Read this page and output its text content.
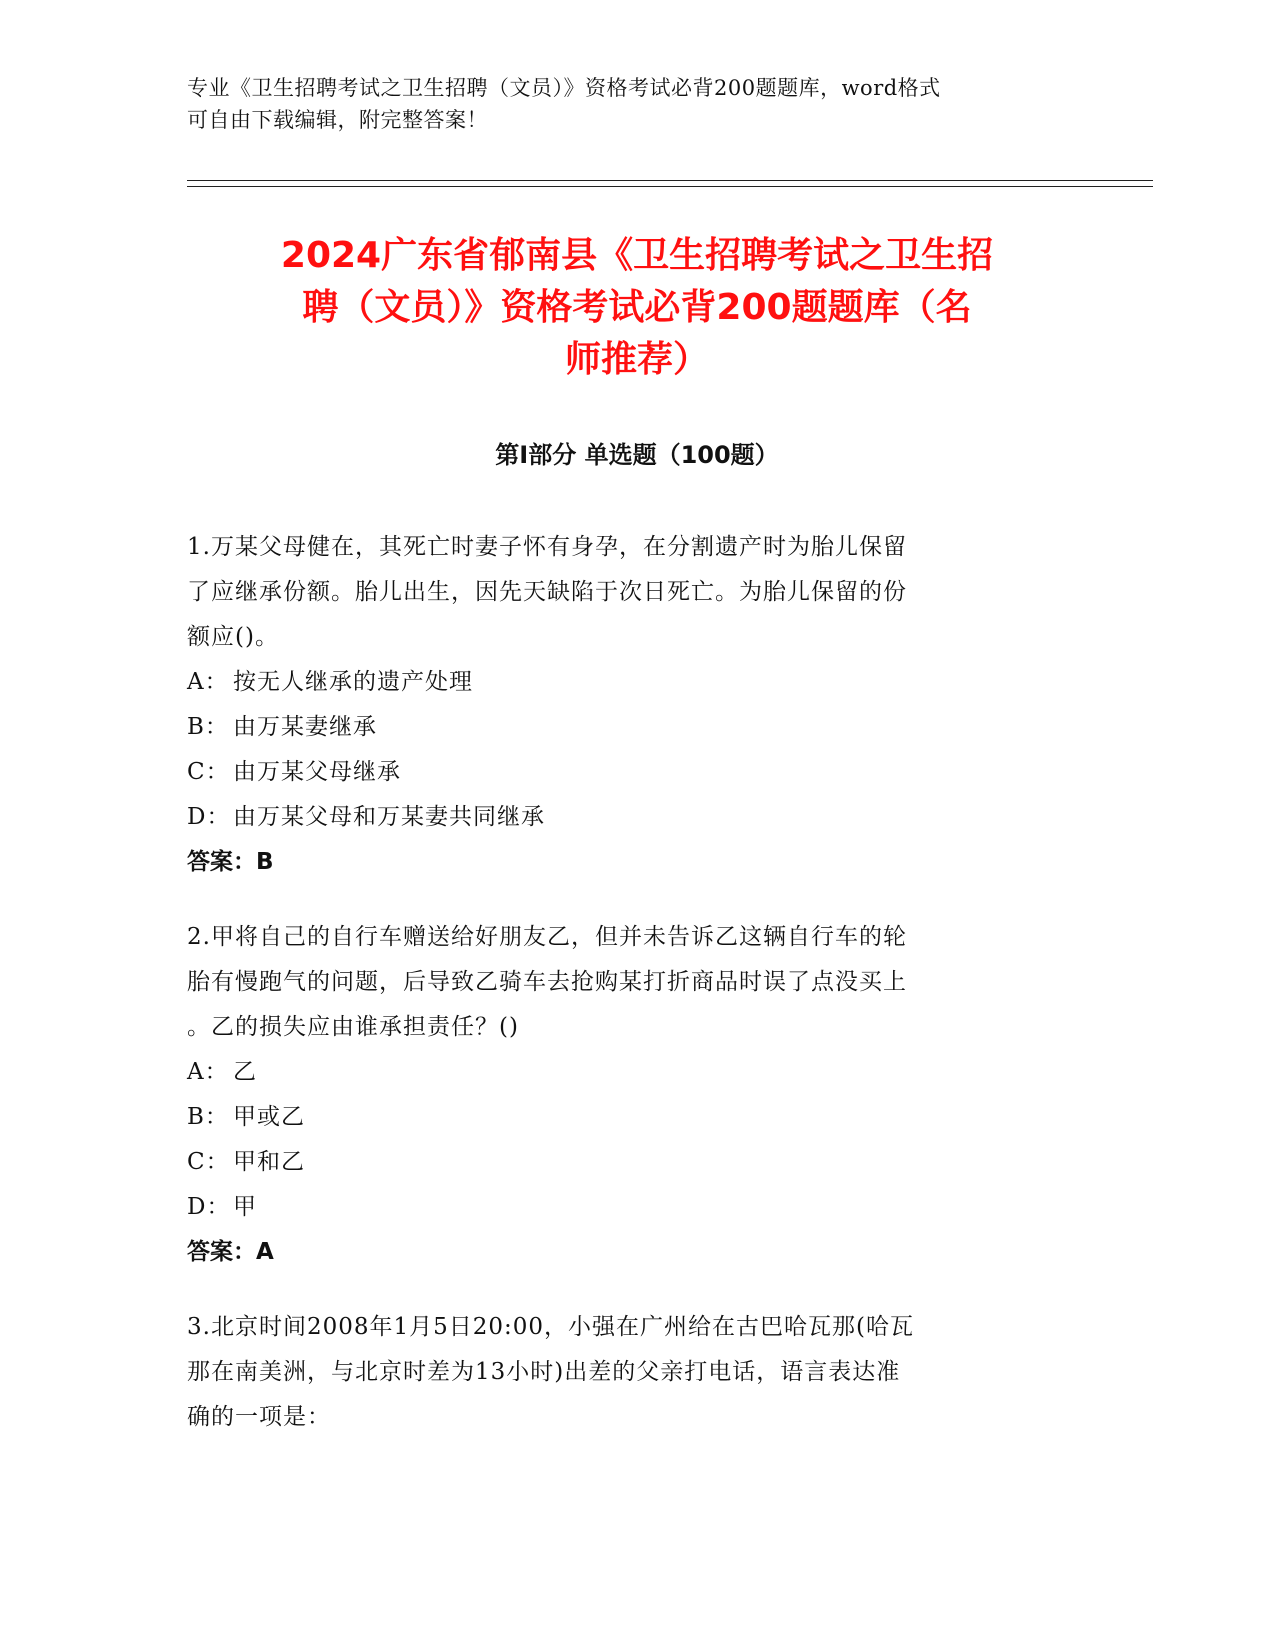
专业《卫生招聘考试之卫生招聘（文员）》资格考试必背200题题库，word格式
可自由下载编辑，附完整答案！
2024广东省郁南县《卫生招聘考试之卫生招
聘（文员）》资格考试必背200题题库（名
师推荐）
第Ⅰ部分 单选题（100题）
1.万某父母健在，其死亡时妻子怀有身孕，在分割遗产时为胎儿保留
了应继承份额。胎儿出生，因先天缺陷于次日死亡。为胎儿保留的份
额应()。
A： 按无人继承的遗产处理
B： 由万某妻继承
C： 由万某父母继承
D： 由万某父母和万某妻共同继承
答案：B
2.甲将自己的自行车赠送给好朋友乙，但并未告诉乙这辆自行车的轮
胎有慢跑气的问题，后导致乙骑车去抢购某打折商品时误了点没买上
。乙的损失应由谁承担责任？()
A： 乙
B： 甲或乙
C： 甲和乙
D： 甲
答案：A
3.北京时间2008年1月5日20:00，小强在广州给在古巴哈瓦那(哈瓦
那在南美洲，与北京时差为13小时)出差的父亲打电话，语言表达准
确的一项是：
